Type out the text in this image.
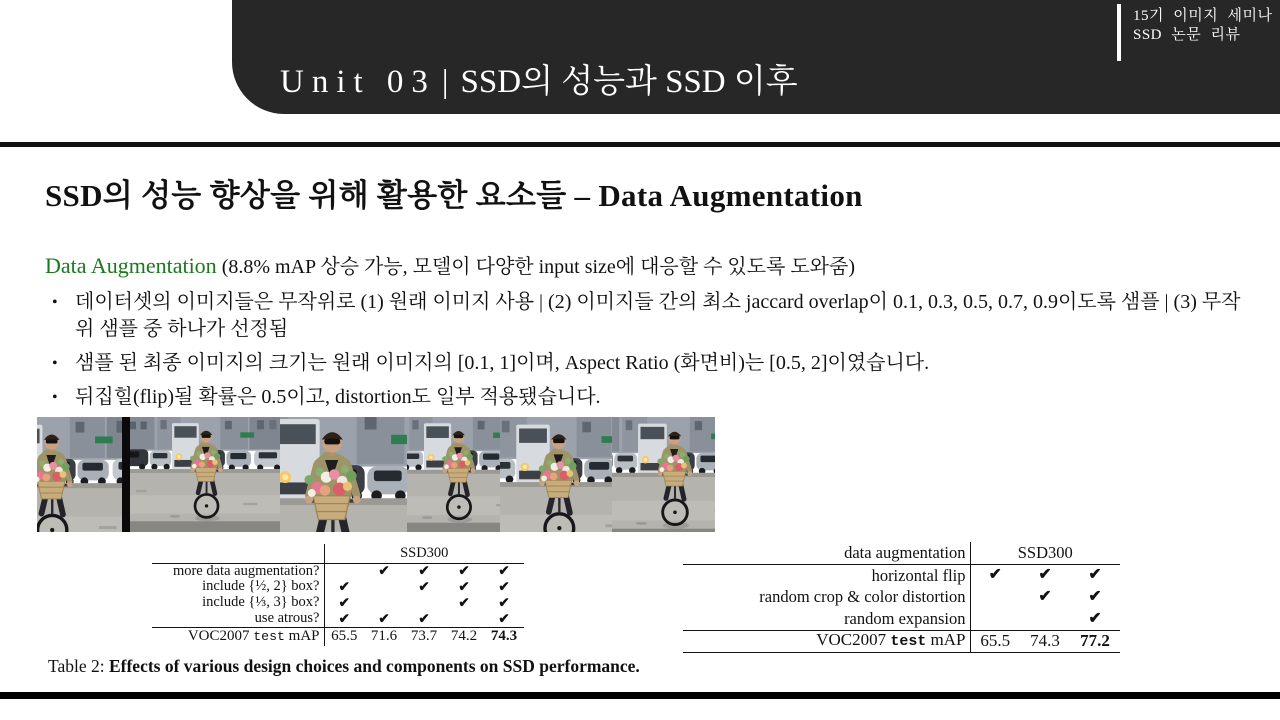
Unit 03 | SSD의 성능과 SSD 이후
15기 이미지 세미나
SSD 논문 리뷰
SSD의 성능 향상을 위해 활용한 요소들 – Data Augmentation

Data Augmentation (8.8% mAP 상승 가능, 모델이 다양한 input size에 대응할 수 있도록 도와줌)

• 데이터셋의 이미지들은 무작위로 (1) 원래 이미지 사용 | (2) 이미지들 간의 최소 jaccard overlap이 0.1, 0.3, 0.5, 0.7, 0.9이도록 샘플 | (3) 무작위 샘플 중 하나가 선정됨
• 샘플 된 최종 이미지의 크기는 원래 이미지의 [0.1, 1]이며, Aspect Ratio (화면비)는 [0.5, 2]이였습니다.
• 뒤집힐(flip)될 확률은 0.5이고, distortion도 일부 적용됐습니다.
	SSD300				
more data augmentation?		✔	✔	✔	✔
include {½, 2} box?	✔		✔	✔	✔
include {⅓, 3} box?	✔			✔	✔
use atrous?	✔	✔	✔		✔
VOC2007 test mAP	65.5	71.6	73.7	74.2	74.3
Table 2: Effects of various design choices and components on SSD performance.
data augmentation	SSD300		
horizontal flip	✔	✔	✔
random crop & color distortion		✔	✔
random expansion			✔
VOC2007 test mAP	65.5	74.3	77.2
